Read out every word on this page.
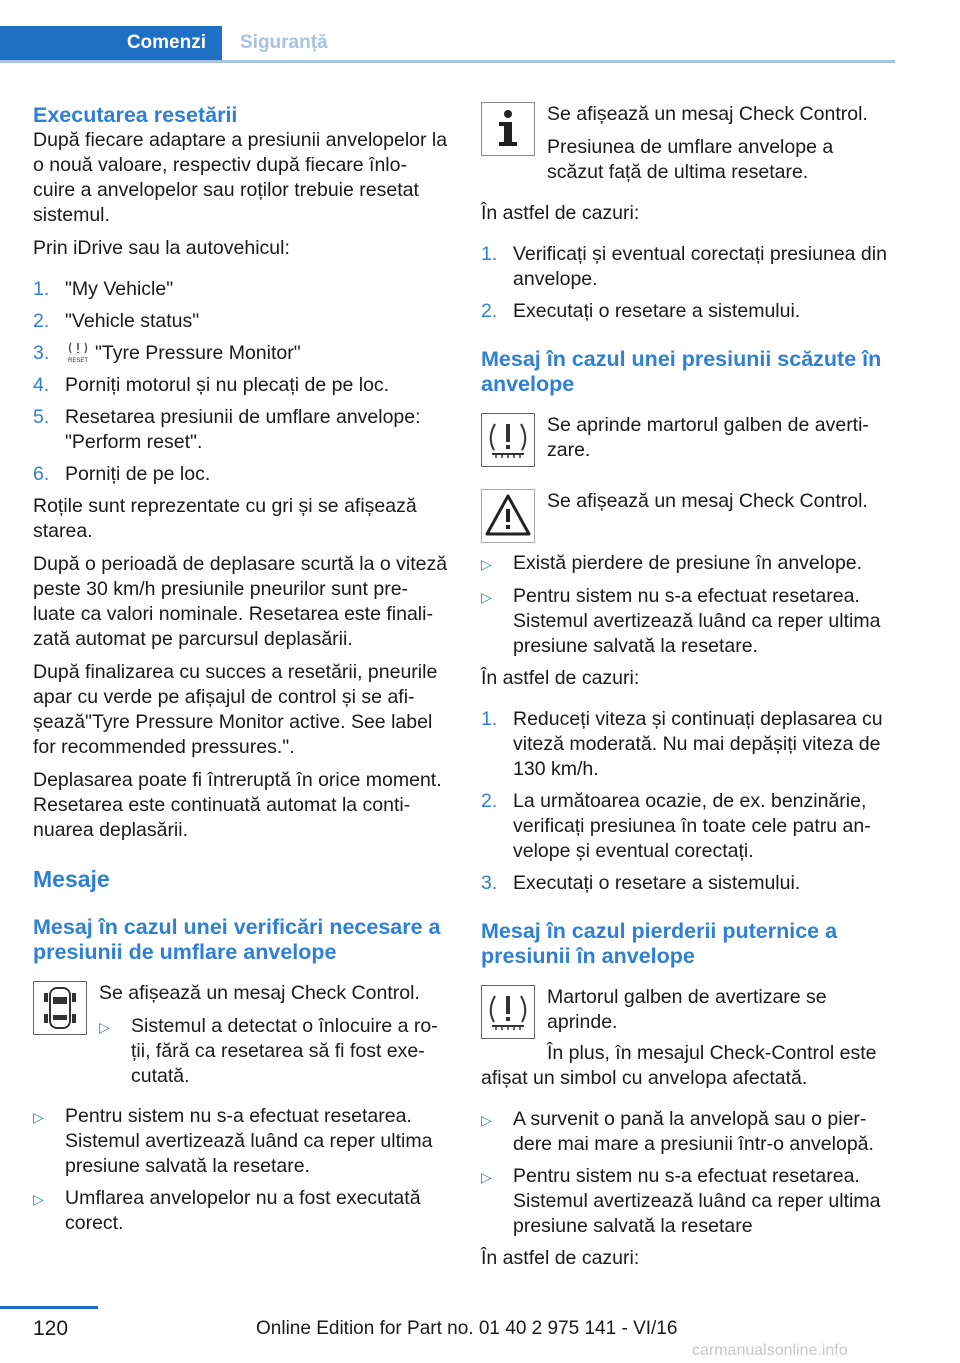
Comenzi	Siguranță
Executarea resetării

După fiecare adaptare a presiunii anvelopelor la o nouă valoare, respectiv după fiecare înlo-cuire a anvelopelor sau roților trebuie resetat sistemul.

Prin iDrive sau la autovehicul:

1. "My Vehicle"
2. "Vehicle status"
3.	RESET "Tyre Pressure Monitor"
4. Porniți motorul și nu plecați de pe loc.
5. Resetarea presiunii de umflare anvelope: "Perform reset".
6. Porniți de pe loc.

Roțile sunt reprezentate cu gri și se afișează starea.

După o perioadă de deplasare scurtă la o viteză peste 30 km/h presiunile pneurilor sunt pre-luate ca valori nominale. Resetarea este finali-zată automat pe parcursul deplasării.

După finalizarea cu succes a resetării, pneurile apar cu verde pe afișajul de control și se afi-șează"Tyre Pressure Monitor active. See label for recommended pressures.".

Deplasarea poate fi întreruptă în orice moment. Resetarea este continuată automat la conti-nuarea deplasării.

Mesaje
Mesaj în cazul unei verificări necesare a presiunii de umflare anvelope

Se afișează un mesaj Check Control.

▷	Sistemul a detectat o înlocuire a ro-ții, fără ca resetarea să fi fost exe-cutată.
▷	Pentru sistem nu s-a efectuat resetarea. Sistemul avertizează luând ca reper ultima presiune salvată la resetare.
▷	Umflarea anvelopelor nu a fost executată corect.

Se afișează un mesaj Check Control.

Presiunea de umflare anvelope a scăzut față de ultima resetare.

În astfel de cazuri:

1. Verificați și eventual corectați presiunea din anvelope.
2. Executați o resetare a sistemului.
Mesaj în cazul unei presiunii scăzute în anvelope

Se aprinde martorul galben de averti-zare.

Se afișează un mesaj Check Control.

▷	Există pierdere de presiune în anvelope.
▷	Pentru sistem nu s-a efectuat resetarea. Sistemul avertizează luând ca reper ultima presiune salvată la resetare.

În astfel de cazuri:

1. Reduceți viteza și continuați deplasarea cu viteză moderată. Nu mai depășiți viteza de 130 km/h.
2. La următoarea ocazie, de ex. benzinărie, verificați presiunea în toate cele patru an-velope și eventual corectați.
3. Executați o resetare a sistemului.
Mesaj în cazul pierderii puternice a presiunii în anvelope

Martorul galben de avertizare se aprinde.

În plus, în mesajul Check-Control este afișat un simbol cu anvelopa afectată.

▷	A survenit o pană la anvelopă sau o pier-dere mai mare a presiunii într-o anvelopă.
▷	Pentru sistem nu s-a efectuat resetarea. Sistemul avertizează luând ca reper ultima presiune salvată la resetare

În astfel de cazuri:

120	Online Edition for Part no. 01 40 2 975 141 - VI/16
carmanualsonline.info
